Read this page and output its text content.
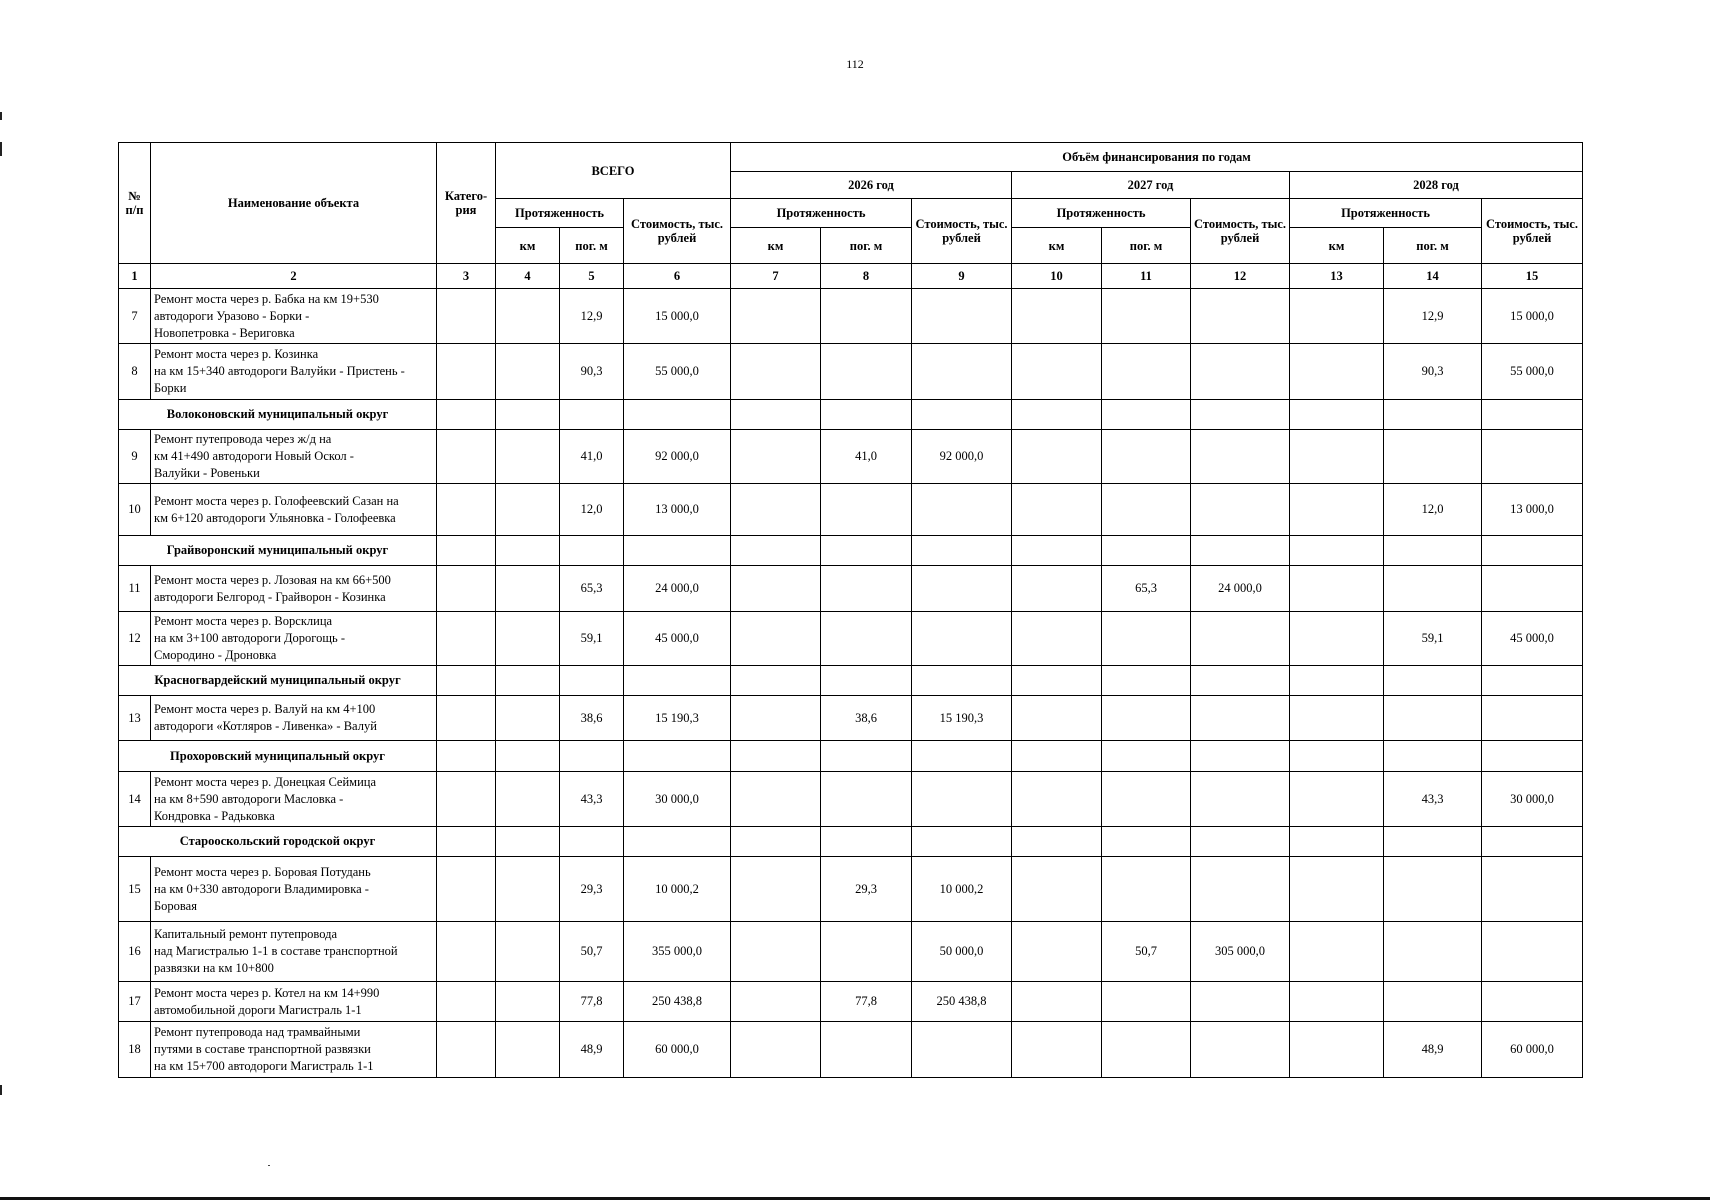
112
№ п/п	Наименование объекта	Катего-рия	ВСЕГО			Объём финансирования по годам								
						2026 год			2027 год			2028 год		
			Протяженность		Стоимость, тыс. рублей	Протяженность		Стоимость, тыс. рублей	Протяженность		Стоимость, тыс. рублей	Протяженность		Стоимость, тыс. рублей
			км	пог. м		км	пог. м		км	пог. м		км	пог. м	
1	2	3	4	5	6	7	8	9	10	11	12	13	14	15
7	Ремонт моста через р. Бабка на км 19+530
автодороги Уразово - Борки -
Новопетровка - Вериговка			12,9	15 000,0								12,9	15 000,0
8	Ремонт моста через р. Козинка
на км 15+340 автодороги Валуйки - Пристень -
Борки			90,3	55 000,0								90,3	55 000,0
Волоконовский муниципальный округ														
9	Ремонт путепровода через ж/д на
км 41+490 автодороги Новый Оскол -
Валуйки - Ровеньки			41,0	92 000,0		41,0	92 000,0						
10	Ремонт моста через р. Голофеевский Сазан на
км 6+120 автодороги Ульяновка - Голофеевка			12,0	13 000,0								12,0	13 000,0
Грайворонский муниципальный округ														
11	Ремонт моста через р. Лозовая на км 66+500
автодороги Белгород - Грайворон - Козинка			65,3	24 000,0					65,3	24 000,0			
12	Ремонт моста через р. Ворсклица
на км 3+100 автодороги Дорогощь -
Смородино - Дроновка			59,1	45 000,0								59,1	45 000,0
Красногвардейский муниципальный округ														
13	Ремонт моста через р. Валуй на км 4+100
автодороги «Котляров - Ливенка» - Валуй			38,6	15 190,3		38,6	15 190,3						
Прохоровский муниципальный округ														
14	Ремонт моста через р. Донецкая Сеймица
на км 8+590 автодороги Масловка -
Кондровка - Радьковка			43,3	30 000,0								43,3	30 000,0
Старооскольский городской округ														
15	Ремонт моста через р. Боровая Потудань
на км 0+330 автодороги Владимировка -
Боровая			29,3	10 000,2		29,3	10 000,2						
16	Капитальный ремонт путепровода
над Магистралью 1-1 в составе транспортной
развязки на км 10+800			50,7	355 000,0			50 000,0		50,7	305 000,0			
17	Ремонт моста через р. Котел на км 14+990
автомобильной дороги Магистраль 1-1			77,8	250 438,8		77,8	250 438,8						
18	Ремонт путепровода над трамвайными
путями в составе транспортной развязки
на км 15+700 автодороги Магистраль 1-1			48,9	60 000,0								48,9	60 000,0
